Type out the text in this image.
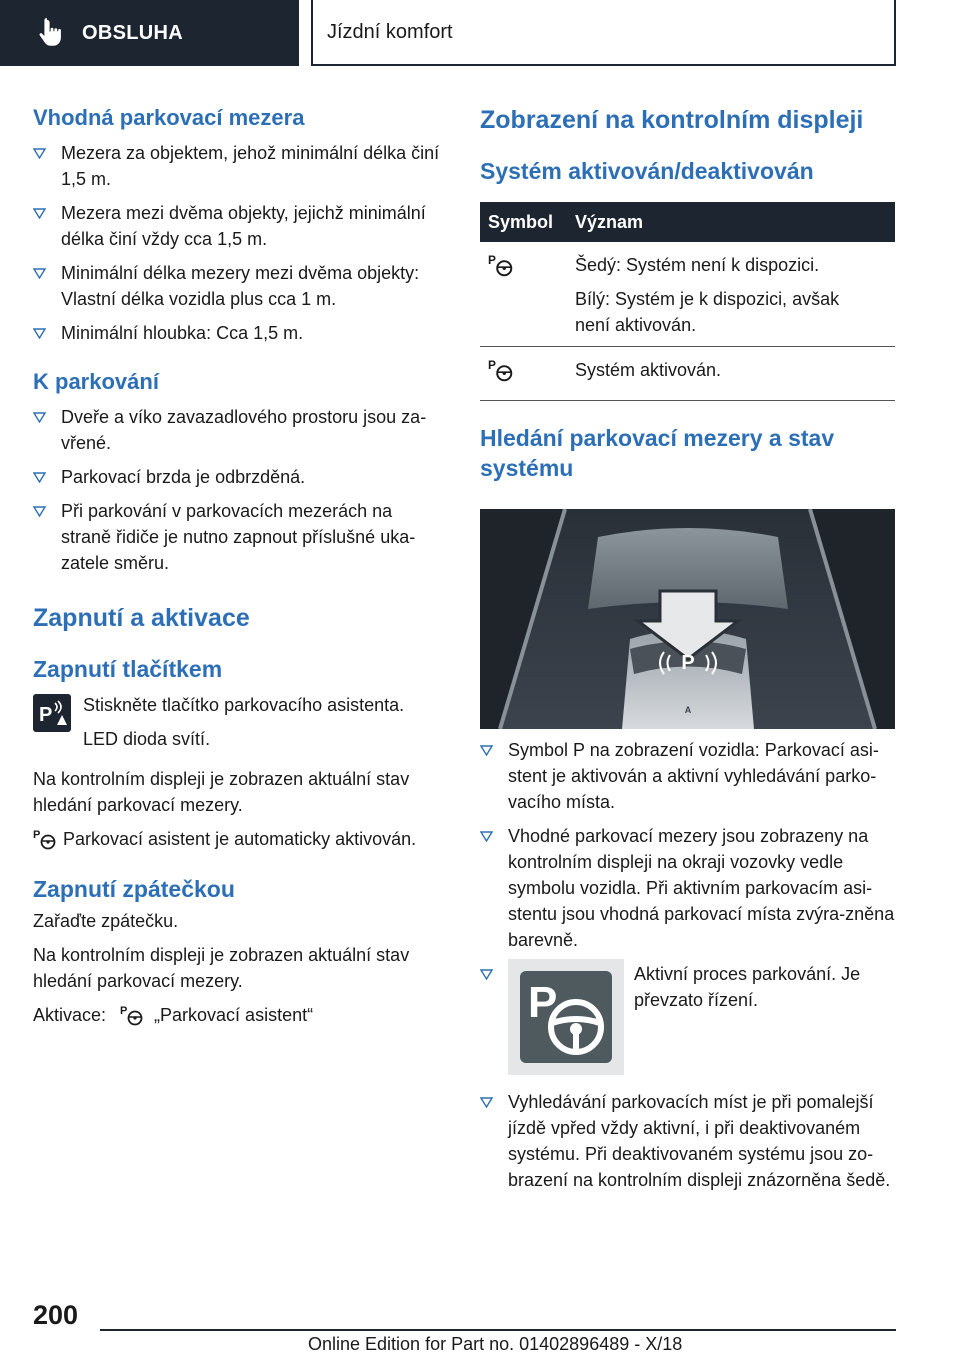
OBSLUHA	Jízdní komfort
Vhodná parkovací mezera
Mezera za objektem, jehož minimální délka činí 1,5 m.
Mezera mezi dvěma objekty, jejichž minimální délka činí vždy cca 1,5 m.
Minimální délka mezery mezi dvěma objekty: Vlastní délka vozidla plus cca 1 m.
Minimální hloubka: Cca 1,5 m.
K parkování
Dveře a víko zavazadlového prostoru jsou za-vřené.
Parkovací brzda je odbrzděná.
Při parkování v parkovacích mezerách na straně řidiče je nutno zapnout příslušné uka-zatele směru.
Zapnutí a aktivace
Zapnutí tlačítkem
P Stiskněte tlačítko parkovacího asistenta.

LED dioda svítí.

Na kontrolním displeji je zobrazen aktuální stav hledání parkovací mezery.

P Parkovací asistent je automaticky aktivován.

Zapnutí zpátečkou

Zařaďte zpátečku.

Na kontrolním displeji je zobrazen aktuální stav hledání parkovací mezery.

Aktivace: P „Parkovací asistent“

Zobrazení na kontrolním displeji
Systém aktivován/deaktivován
Symbol	Význam

P	Šedý: Systém není k dispozici.

Bílý: Systém je k dispozici, avšak není aktivován.

P	Systém aktivován.

Hledání parkovací mezery a stav systému
P
A
Symbol P na zobrazení vozidla: Parkovací asi-stent je aktivován a aktivní vyhledávání parko-vacího místa.
Vhodné parkovací mezery jsou zobrazeny na kontrolním displeji na okraji vozovky vedle symbolu vozidla. Při aktivním parkovacím asi-stentu jsou vhodná parkovací místa zvýra-zněna barevně.
P
Aktivní proces parkování. Je převzato řízení.
Vyhledávání parkovacích míst je při pomalejší jízdě vpřed vždy aktivní, i při deaktivovaném systému. Při deaktivovaném systému jsou zo-brazení na kontrolním displeji znázorněna šedě.
200
Online Edition for Part no. 01402896489 - X/18
